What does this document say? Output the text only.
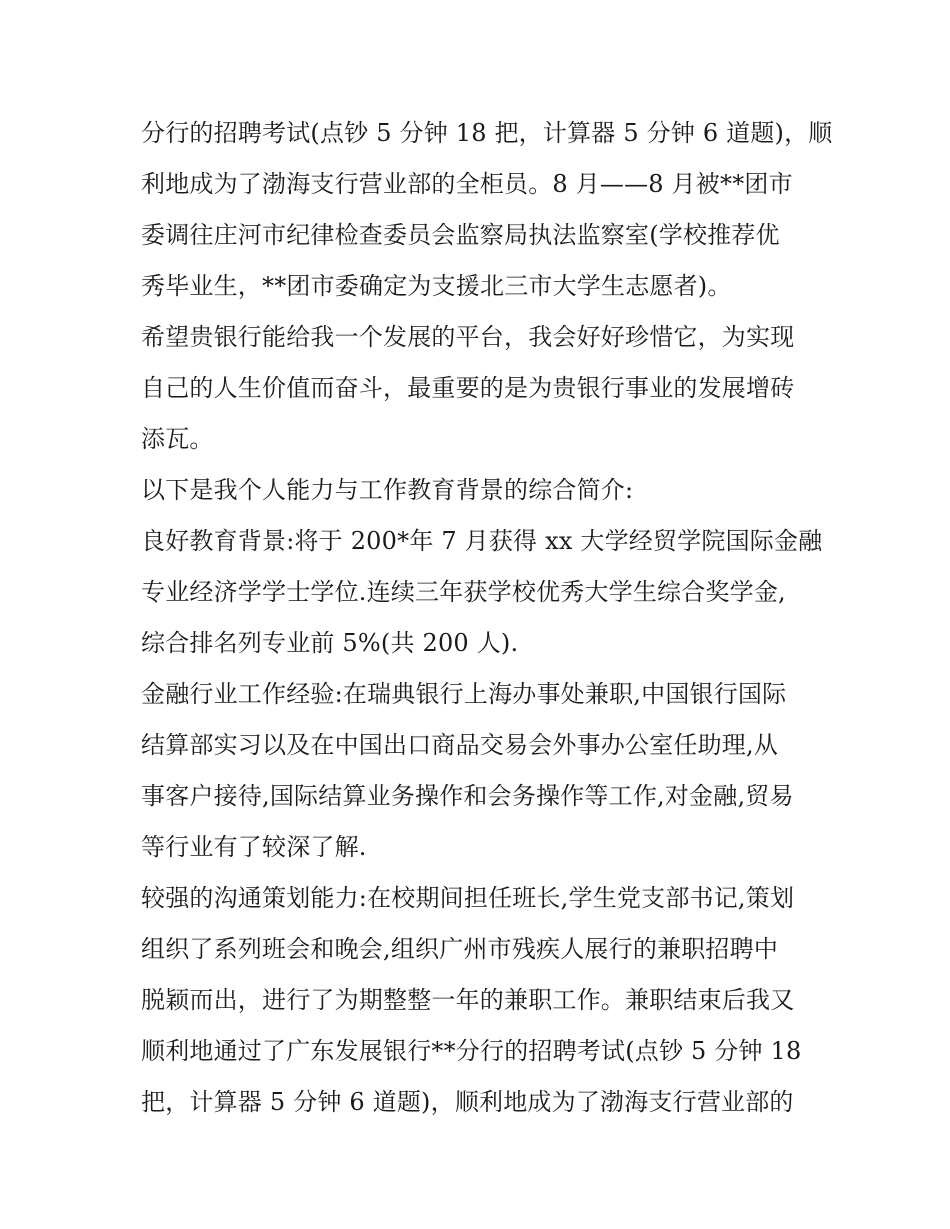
分行的招聘考试(点钞 5 分钟 18 把，计算器 5 分钟 6 道题)，顺
利地成为了渤海支行营业部的全柜员。8 月——8 月被**团市
委调往庄河市纪律检查委员会监察局执法监察室(学校推荐优
秀毕业生，**团市委确定为支援北三市大学生志愿者)。
希望贵银行能给我一个发展的平台，我会好好珍惜它，为实现
自己的人生价值而奋斗，最重要的是为贵银行事业的发展增砖
添瓦。
以下是我个人能力与工作教育背景的综合简介:
良好教育背景:将于 200*年 7 月获得 xx 大学经贸学院国际金融
专业经济学学士学位.连续三年获学校优秀大学生综合奖学金,
综合排名列专业前 5%(共 200 人).
金融行业工作经验:在瑞典银行上海办事处兼职,中国银行国际
结算部实习以及在中国出口商品交易会外事办公室任助理,从
事客户接待,国际结算业务操作和会务操作等工作,对金融,贸易
等行业有了较深了解.
较强的沟通策划能力:在校期间担任班长,学生党支部书记,策划
组织了系列班会和晚会,组织广州市残疾人展行的兼职招聘中
脱颖而出，进行了为期整整一年的兼职工作。兼职结束后我又
顺利地通过了广东发展银行**分行的招聘考试(点钞 5 分钟 18
把，计算器 5 分钟 6 道题)，顺利地成为了渤海支行营业部的
